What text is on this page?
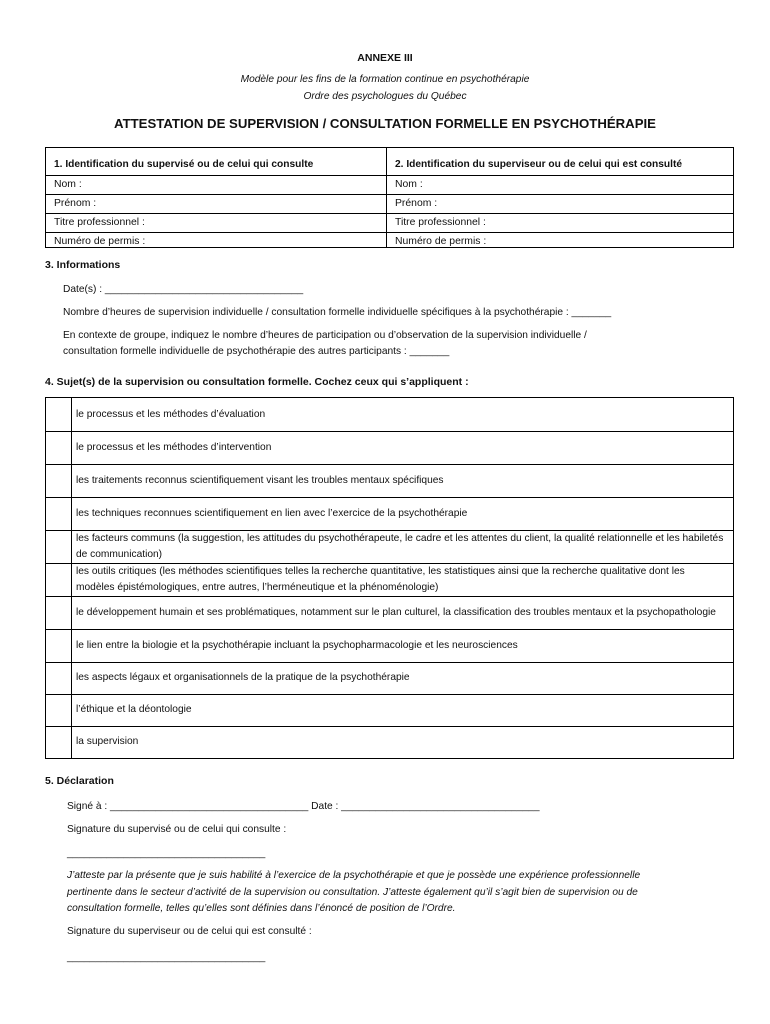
ANNEXE III
Modèle pour les fins de la formation continue en psychothérapie
Ordre des psychologues du Québec
ATTESTATION DE SUPERVISION / CONSULTATION FORMELLE EN PSYCHOTHÉRAPIE
1. Identification du supervisé ou de celui qui consulte
Nom :
Prénom :
Titre professionnel :
Numéro de permis :
2. Identification du superviseur ou de celui qui est consulté
Nom :
Prénom :
Titre professionnel :
Numéro de permis :
3. Informations
Date(s) : ___________________________________
Nombre d’heures de supervision individuelle / consultation formelle individuelle spécifiques à la psychothérapie : _______
En contexte de groupe, indiquez le nombre d’heures de participation ou d’observation de la supervision individuelle /
consultation formelle individuelle de psychothérapie des autres participants : _______
4. Sujet(s) de la supervision ou consultation formelle. Cochez ceux qui s’appliquent :
le processus et les méthodes d’évaluation
le processus et les méthodes d’intervention
les traitements reconnus scientifiquement visant les troubles mentaux spécifiques
les techniques reconnues scientifiquement en lien avec l’exercice de la psychothérapie
les facteurs communs (la suggestion, les attitudes du psychothérapeute, le cadre et les attentes du client, la qualité relationnelle et les habiletés de communication)
les outils critiques (les méthodes scientifiques telles la recherche quantitative, les statistiques ainsi que la recherche qualitative dont les modèles épistémologiques, entre autres, l’herméneutique et la phénoménologie)
le développement humain et ses problématiques, notamment sur le plan culturel, la classification des troubles mentaux et la psychopathologie
le lien entre la biologie et la psychothérapie incluant la psychopharmacologie et les neurosciences
les aspects légaux et organisationnels de la pratique de la psychothérapie
l’éthique et la déontologie
la supervision
5. Déclaration
Signé à : ___________________________________ Date : ___________________________________
Signature du supervisé ou de celui qui consulte :
___________________________________
J’atteste par la présente que je suis habilité à l’exercice de la psychothérapie et que je possède une expérience professionnelle
pertinente dans le secteur d’activité de la supervision ou consultation. J’atteste également qu’il s’agit bien de supervision ou de
consultation formelle, telles qu’elles sont définies dans l’énoncé de position de l’Ordre.
Signature du superviseur ou de celui qui est consulté :
___________________________________
